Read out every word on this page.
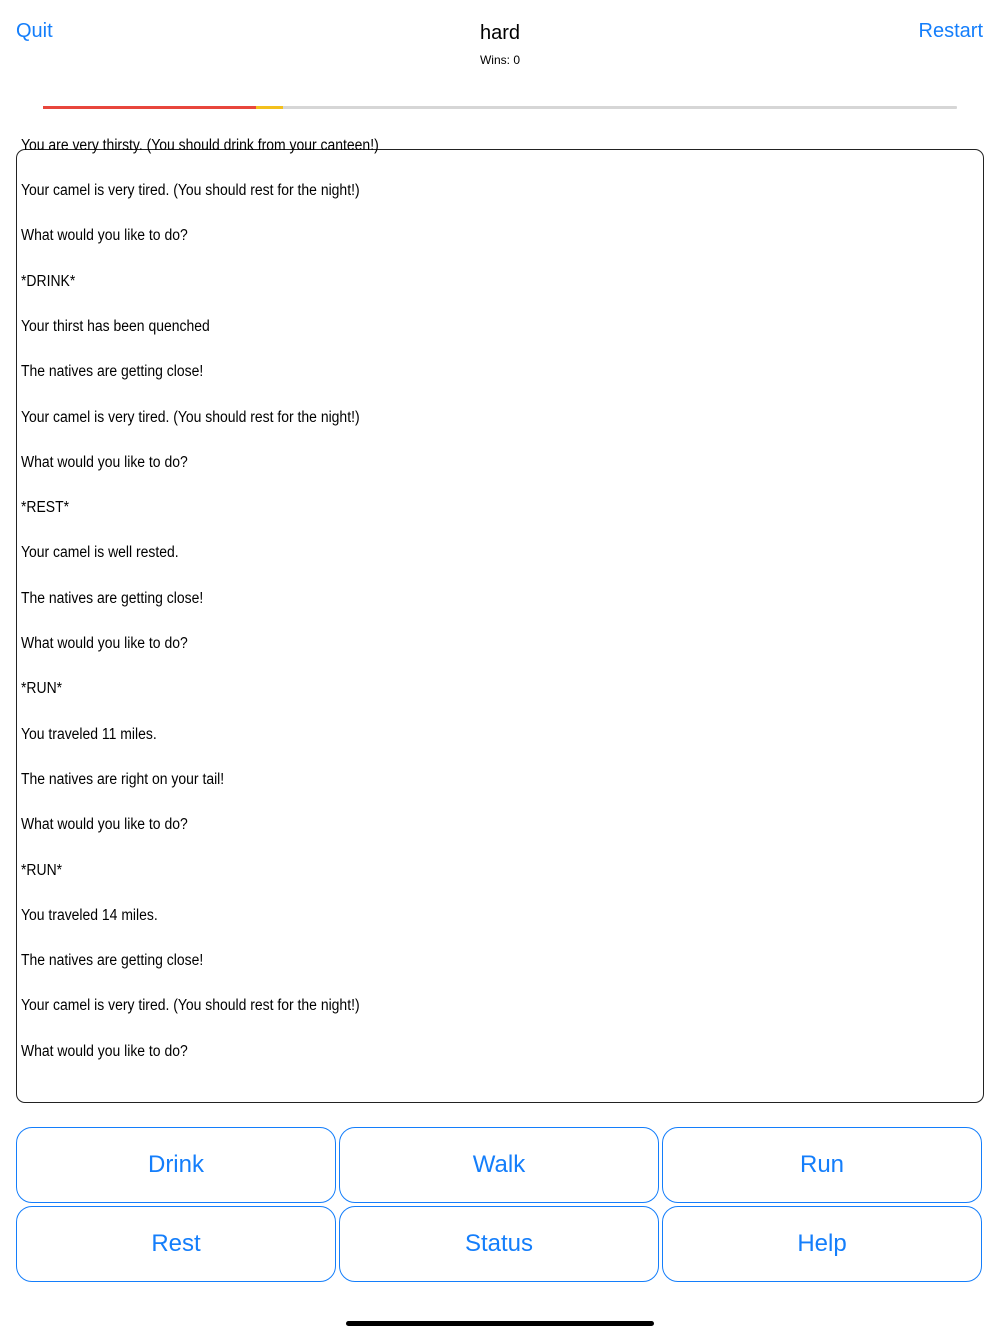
Quit	hard
Wins: 0
Restart
You are very thirsty. (You should drink from your canteen!)
Your camel is very tired. (You should rest for the night!)
What would you like to do?
*DRINK*
Your thirst has been quenched
The natives are getting close!
Your camel is very tired. (You should rest for the night!)
What would you like to do?
*REST*
Your camel is well rested.
The natives are getting close!
What would you like to do?
*RUN*
You traveled 11 miles.
The natives are right on your tail!
What would you like to do?
*RUN*
You traveled 14 miles.
The natives are getting close!
Your camel is very tired. (You should rest for the night!)
What would you like to do?
Drink	Walk	Run
Rest	Status	Help
